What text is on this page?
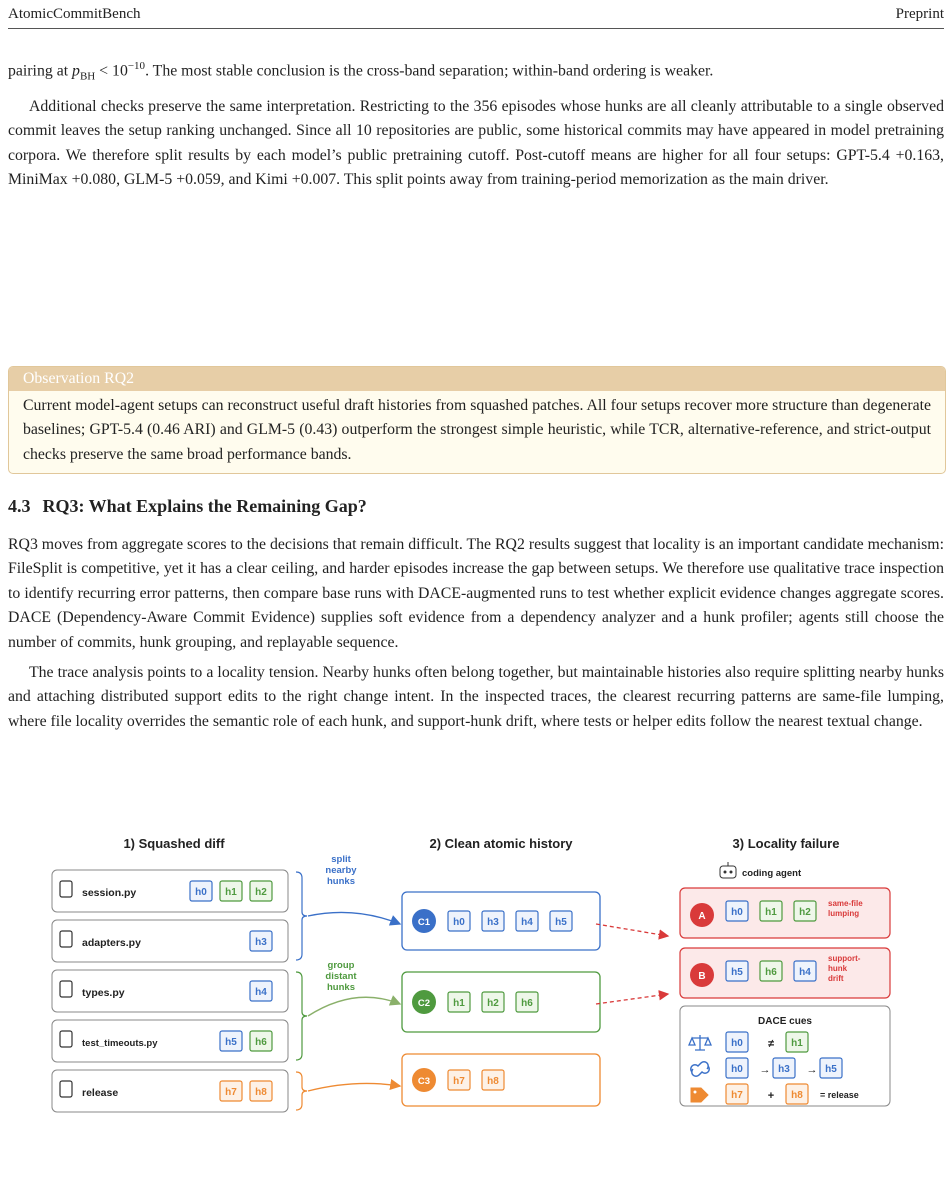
AtomicCommitBench	Preprint

pairing at $p_{BH} < 10^{-10}$. The most stable conclusion is the cross-band separation; within-band ordering is weaker.

Additional checks preserve the same interpretation. Restricting to the 356 episodes whose hunks are all cleanly attributable to a single observed commit leaves the setup ranking unchanged. Since all 10 repositories are public, some historical commits may have appeared in model pretraining corpora. We therefore split results by each model’s public pretraining cutoff. Post-cutoff means are higher for all four setups: GPT-5.4 +0.163, MiniMax +0.080, GLM-5 +0.059, and Kimi +0.007. This split points away from training-period memorization as the main driver.

Observation RQ2
Current model-agent setups can reconstruct useful draft histories from squashed patches. All four setups recover more structure than degenerate baselines; GPT-5.4 (0.46 ARI) and GLM-5 (0.43) outperform the strongest simple heuristic, while TCR, alternative-reference, and strict-output checks preserve the same broad performance bands.
4.3 RQ3: What Explains the Remaining Gap?

RQ3 moves from aggregate scores to the decisions that remain difficult. The RQ2 results suggest that locality is an important candidate mechanism: FileSplit is competitive, yet it has a clear ceiling, and harder episodes increase the gap between setups. We therefore use qualitative trace inspection to identify recurring error patterns, then compare base runs with DACE-augmented runs to test whether explicit evidence changes aggregate scores. DACE (Dependency-Aware Commit Evidence) supplies soft evidence from a dependency analyzer and a hunk profiler; agents still choose the number of commits, hunk grouping, and replayable sequence.

The trace analysis points to a locality tension. Nearby hunks often belong together, but maintainable histories also require splitting nearby hunks and attaching distributed support edits to the right change intent. In the inspected traces, the clearest recurring patterns are same-file lumping, where file locality overrides the semantic role of each hunk, and support-hunk drift, where tests or helper edits follow the nearest textual change.

1) Squashed diff	2) Clean atomic history	3) Locality failure
session.py	h0 h1 h2
adapters.py	h3
types.py	h4
test_timeouts.py	h5 h6
release	h7 h8
split
nearby
hunks
group
distant
hunks
C1 h0 h3 h4 h5
C2 h1 h2 h6
C3 h7 h8
coding agent
A	h0 h1 h2
same-file
lumping
B	h5 h6 h4
support-
hunk
drift
DACE cues
h0 ≠ h1
h0 → h3 → h5
h7 + h8 = release
